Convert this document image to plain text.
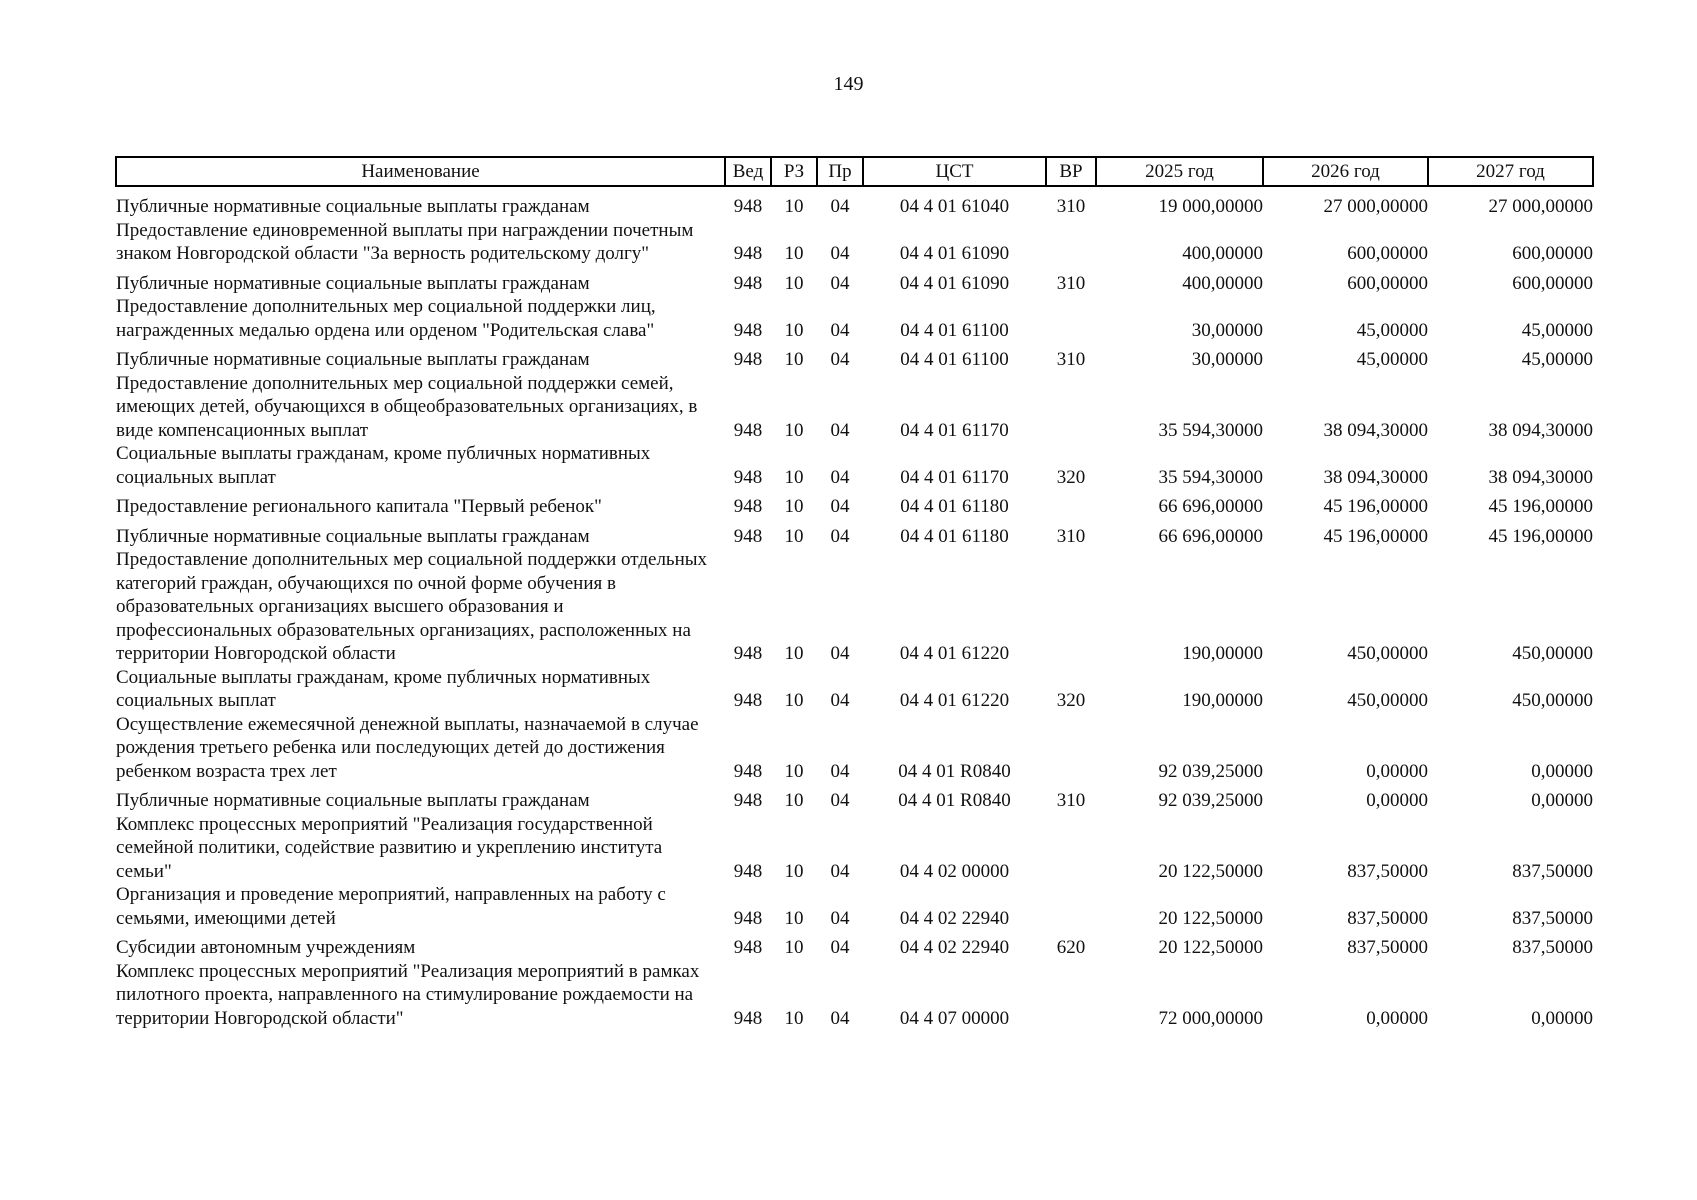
149
Наименование	Вед	РЗ	Пр	ЦСТ	ВР	2025 год	2026 год	2027 год
Публичные нормативные социальные выплаты гражданам	948	10	04	04 4 01 61040	310	19 000,00000	27 000,00000	27 000,00000
Предоставление единовременной выплаты при награждении почетным знаком Новгородской области "За верность родительскому долгу"	948	10	04	04 4 01 61090		400,00000	600,00000	600,00000
Публичные нормативные социальные выплаты гражданам	948	10	04	04 4 01 61090	310	400,00000	600,00000	600,00000
Предоставление дополнительных мер социальной поддержки лиц, награжденных медалью ордена или орденом "Родительская слава"	948	10	04	04 4 01 61100		30,00000	45,00000	45,00000
Публичные нормативные социальные выплаты гражданам	948	10	04	04 4 01 61100	310	30,00000	45,00000	45,00000
Предоставление дополнительных мер социальной поддержки семей, имеющих детей, обучающихся в общеобразовательных организациях, в виде компенсационных выплат	948	10	04	04 4 01 61170		35 594,30000	38 094,30000	38 094,30000
Социальные выплаты гражданам, кроме публичных нормативных социальных выплат	948	10	04	04 4 01 61170	320	35 594,30000	38 094,30000	38 094,30000
Предоставление регионального капитала "Первый ребенок"	948	10	04	04 4 01 61180		66 696,00000	45 196,00000	45 196,00000
Публичные нормативные социальные выплаты гражданам	948	10	04	04 4 01 61180	310	66 696,00000	45 196,00000	45 196,00000
Предоставление дополнительных мер социальной поддержки отдельных категорий граждан, обучающихся по очной форме обучения в образовательных организациях высшего образования и профессиональных образовательных организациях, расположенных на территории Новгородской области	948	10	04	04 4 01 61220		190,00000	450,00000	450,00000
Социальные выплаты гражданам, кроме публичных нормативных социальных выплат	948	10	04	04 4 01 61220	320	190,00000	450,00000	450,00000
Осуществление ежемесячной денежной выплаты, назначаемой в случае рождения третьего ребенка или последующих детей до достижения ребенком возраста трех лет	948	10	04	04 4 01 R0840		92 039,25000	0,00000	0,00000
Публичные нормативные социальные выплаты гражданам	948	10	04	04 4 01 R0840	310	92 039,25000	0,00000	0,00000
Комплекс процессных мероприятий "Реализация государственной семейной политики, содействие развитию и укреплению института семьи"	948	10	04	04 4 02 00000		20 122,50000	837,50000	837,50000
Организация и проведение мероприятий, направленных на работу с семьями, имеющими детей	948	10	04	04 4 02 22940		20 122,50000	837,50000	837,50000
Субсидии автономным учреждениям	948	10	04	04 4 02 22940	620	20 122,50000	837,50000	837,50000
Комплекс процессных мероприятий "Реализация мероприятий в рамках пилотного проекта, направленного на стимулирование рождаемости на территории Новгородской области"	948	10	04	04 4 07 00000		72 000,00000	0,00000	0,00000
